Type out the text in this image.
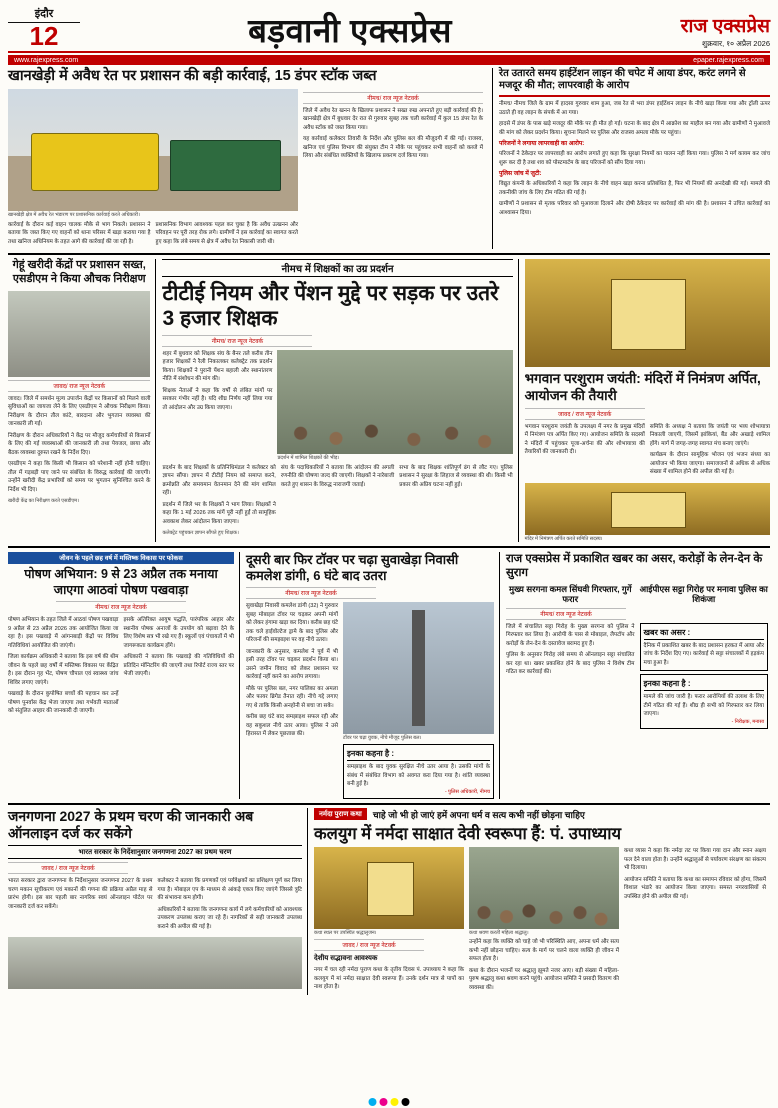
इंदौर
12	बड़वानी एक्सप्रेस	राज एक्सप्रेस
शुक्रवार, १० अप्रैल 2026
www.rajexpress.com	epaper.rajexpress.com
खानखेड़ी में अवैध रेत पर प्रशासन की बड़ी कार्रवाई, 15 डंपर स्टॉक जब्त
खानखेड़ी क्षेत्र में अवैध रेत भंडारण पर प्रशासनिक कार्रवाई करते अधिकारी।

कार्रवाई के दौरान कई वाहन चालक मौके से भाग निकले। प्रशासन ने बताया कि जब्त किए गए वाहनों को थाना परिसर में खड़ा कराया गया है तथा खनिज अधिनियम के तहत आगे की कार्रवाई की जा रही है।

प्रशासनिक विभाग आवश्यक पहल कर चुका है कि अवैध उत्खनन और परिवहन पर पूरी तरह रोक लगे। ग्रामीणों ने इस कार्रवाई का स्वागत करते हुए कहा कि लंबे समय से क्षेत्र में अवैध रेत निकासी जारी थी।

नीमच/ राज न्यूज नेटवर्क

जिले में अवैध रेत खनन के खिलाफ प्रशासन ने सख्त रुख अपनाते हुए बड़ी कार्रवाई की है। खानखेड़ी क्षेत्र में बुधवार देर रात से गुरुवार सुबह तक चली कार्रवाई में कुल 15 डंपर रेत के अवैध स्टॉक को जब्त किया गया।

यह कार्रवाई कलेक्टर तिवारी के निर्देश और पुलिस बल की मौजूदगी में की गई। राजस्व, खनिज एवं पुलिस विभाग की संयुक्त टीम ने मौके पर पहुंचकर सभी वाहनों को कब्जे में लिया और संबंधित व्यक्तियों के खिलाफ प्रकरण दर्ज किया गया।

रेत उतारते समय हाईटेंशन लाइन की चपेट में आया डंपर, करंट लगने से मजदूर की मौत; लापरवाही के आरोप

नीमच/ नीमच जिले के ग्राम में हादसा गुरुवार शाम हुआ, जब रेत से भरा डंपर हाईटेंशन लाइन के नीचे खड़ा किया गया और ट्रॉली ऊपर उठाते ही वह लाइन के संपर्क में आ गया।

हादसे में डंपर के पास खड़े मजदूर की मौके पर ही मौत हो गई। घटना के बाद क्षेत्र में आक्रोश का माहौल बन गया और ग्रामीणों ने मुआवजे की मांग को लेकर प्रदर्शन किया। सूचना मिलने पर पुलिस और राजस्व अमला मौके पर पहुंचा।

परिजनों ने लगाया लापरवाही का आरोप:

परिजनों ने ठेकेदार पर लापरवाही का आरोप लगाते हुए कहा कि सुरक्षा नियमों का पालन नहीं किया गया। पुलिस ने मर्ग कायम कर जांच शुरू कर दी है तथा शव को पोस्टमार्टम के बाद परिजनों को सौंप दिया गया।

पुलिस जांच में जुटी:

विद्युत कंपनी के अधिकारियों ने कहा कि लाइन के नीचे वाहन खड़ा करना प्रतिबंधित है, फिर भी नियमों की अनदेखी की गई। मामले की तकनीकी जांच के लिए टीम गठित की गई है।

ग्रामीणों ने प्रशासन से मृतक परिवार को मुआवजा दिलाने और दोषी ठेकेदार पर कार्रवाई की मांग की है। प्रशासन ने उचित कार्रवाई का आश्वासन दिया।

गेहूं खरीदी केंद्रों पर प्रशासन सख्त, एसडीएम ने किया औचक निरीक्षण
जावद/ राज न्यूज नेटवर्क

जावद। जिले में समर्थन मूल्य उपार्जन केंद्रों पर किसानों को मिलने वाली सुविधाओं का जायजा लेने के लिए एसडीएम ने औचक निरीक्षण किया। निरीक्षण के दौरान तौल कांटे, बारदाना और भुगतान व्यवस्था की जानकारी ली गई।

निरीक्षण के दौरान अधिकारियों ने केंद्र पर मौजूद कर्मचारियों से किसानों के लिए की गई व्यवस्थाओं की जानकारी ली तथा पेयजल, छाया और बैठक व्यवस्था दुरुस्त रखने के निर्देश दिए।

एसडीएम ने कहा कि किसी भी किसान को परेशानी नहीं होनी चाहिए। तौल में गड़बड़ी पाए जाने पर संबंधित के विरुद्ध कार्रवाई की जाएगी। उन्होंने खरीदी केंद्र प्रभारियों को समय पर भुगतान सुनिश्चित करने के निर्देश भी दिए।

खरीदी केंद्र का निरीक्षण करते एसडीएम।
नीमच में शिक्षकों का उग्र प्रदर्शन
टीटीई नियम और पेंशन मुद्दे पर सड़क पर उतरे 3 हजार शिक्षक
नीमच/ राज न्यूज नेटवर्क

शहर में बुधवार को शिक्षक संघ के बैनर तले करीब तीन हजार शिक्षकों ने रैली निकालकर कलेक्ट्रेट तक प्रदर्शन किया। शिक्षकों ने पुरानी पेंशन बहाली और स्थानांतरण नीति में संशोधन की मांग की।

शिक्षक नेताओं ने कहा कि वर्षों से लंबित मांगों पर सरकार गंभीर नहीं है। यदि शीघ्र निर्णय नहीं लिया गया तो आंदोलन और उग्र किया जाएगा।

प्रदर्शन में शामिल शिक्षकों की भीड़।

प्रदर्शन के बाद शिक्षकों के प्रतिनिधिमंडल ने कलेक्टर को ज्ञापन सौंपा। ज्ञापन में टीटीई नियम को समाप्त करने, क्रमोन्नति और समयमान वेतनमान देने की मांग शामिल रही।

प्रदर्शन में जिले भर के शिक्षकों ने भाग लिया। शिक्षकों ने कहा कि 1 मई 2026 तक मांगें पूरी नहीं हुईं तो सामूहिक अवकाश लेकर आंदोलन किया जाएगा।

संघ के पदाधिकारियों ने बताया कि आंदोलन की अगली रणनीति की घोषणा जल्द की जाएगी। शिक्षकों ने नारेबाजी करते हुए शासन के विरुद्ध नाराजगी जताई।

सभा के बाद शिक्षक शांतिपूर्ण ढंग से लौट गए। पुलिस प्रशासन ने सुरक्षा के लिहाज से व्यवस्था की थी। किसी भी प्रकार की अप्रिय घटना नहीं हुई।

कलेक्ट्रेट पहुंचकर ज्ञापन सौंपते हुए शिक्षक।
भगवान परशुराम जयंती: मंदिरों में निमंत्रण अर्पित, आयोजन की तैयारी
जावद / राज न्यूज नेटवर्क

भगवान परशुराम जयंती के उपलक्ष्य में नगर के प्रमुख मंदिरों में निमंत्रण पत्र अर्पित किए गए। आयोजन समिति के सदस्यों ने मंदिरों में पहुंचकर पूजा-अर्चना की और शोभायात्रा की तैयारियों की जानकारी दी।

समिति के अध्यक्ष ने बताया कि जयंती पर भव्य शोभायात्रा निकाली जाएगी, जिसमें झांकियां, बैंड और अखाड़े शामिल होंगे। मार्ग में जगह-जगह स्वागत मंच बनाए जाएंगे।

कार्यक्रम के दौरान सामूहिक भोजन एवं भजन संध्या का आयोजन भी किया जाएगा। समाजजनों से अधिक से अधिक संख्या में शामिल होने की अपील की गई है।

मंदिर में निमंत्रण अर्पित करते समिति सदस्य।
जीवन के पहले छह वर्ष में मस्तिष्क विकास पर फोकस
पोषण अभियान: 9 से 23 अप्रैल तक मनाया जाएगा आठवां पोषण पखवाड़ा
नीमच/ राज न्यूज नेटवर्क

पोषण अभियान के तहत जिले में आठवां पोषण पखवाड़ा 9 अप्रैल से 23 अप्रैल 2026 तक आयोजित किया जा रहा है। इस पखवाड़े में आंगनबाड़ी केंद्रों पर विविध गतिविधियां आयोजित की जाएंगी।

जिला कार्यक्रम अधिकारी ने बताया कि इस वर्ष की थीम जीवन के पहले छह वर्षों में मस्तिष्क विकास पर केंद्रित है। इस दौरान गृह भेंट, पोषण चौपाल एवं स्वास्थ्य जांच शिविर लगाए जाएंगे।

पखवाड़े के दौरान कुपोषित बच्चों की पहचान कर उन्हें पोषण पुनर्वास केंद्र भेजा जाएगा तथा गर्भवती माताओं को संतुलित आहार की जानकारी दी जाएगी।

इसके अतिरिक्त आयुष पद्धति, पारंपरिक आहार और स्थानीय पोषक अनाजों के उपयोग को बढ़ावा देने के लिए विशेष सत्र भी रखे गए हैं। स्कूलों एवं पंचायतों में भी जागरूकता कार्यक्रम होंगे।

अधिकारी ने बताया कि पखवाड़े की गतिविधियों की प्रतिदिन मॉनिटरिंग की जाएगी तथा रिपोर्ट राज्य स्तर पर भेजी जाएगी।

दूसरी बार फिर टॉवर पर चढ़ा सुवाखेड़ा निवासी कमलेश डांगी, 6 घंटे बाद उतरा
नीमच/ राज न्यूज नेटवर्क

सुवाखेड़ा निवासी कमलेश डांगी (32) ने गुरुवार सुबह मोबाइल टॉवर पर चढ़कर अपनी मांगों को लेकर हंगामा खड़ा कर दिया। करीब छह घंटे तक चले हाईवोल्टेज ड्रामे के बाद पुलिस और परिजनों की समझाइश पर वह नीचे उतरा।

जानकारी के अनुसार, कमलेश ने पूर्व में भी इसी तरह टॉवर पर चढ़कर प्रदर्शन किया था। उसने जमीन विवाद को लेकर प्रशासन पर कार्रवाई नहीं करने का आरोप लगाया।

मौके पर पुलिस बल, नगर पालिका का अमला और फायर ब्रिगेड तैनात रही। नीचे गद्दे लगाए गए थे ताकि किसी अनहोनी से बचा जा सके।

करीब छह घंटे बाद समझाइश सफल रही और वह सकुशल नीचे उतर आया। पुलिस ने उसे हिरासत में लेकर पूछताछ की।

टॉवर पर चढ़ा युवक, नीचे मौजूद पुलिस बल।
इनका कहना है :
समझाइश के बाद युवक सुरक्षित नीचे उतर आया है। उसकी मांगों के संबंध में संबंधित विभाग को अवगत करा दिया गया है। शांति व्यवस्था बनी हुई है।
- पुलिस अधिकारी, नीमच
राज एक्सप्रेस में प्रकाशित खबर का असर, करोड़ों के लेन-देन के सुराग
मुख्य सरगना कमल सिंघवी गिरफ्तार, गुर्गे फरार
आईपीएस सट्टा गिरोह पर मनावा पुलिस का शिकंजा
नीमच/ राज न्यूज नेटवर्क

जिले में संचालित सट्टा गिरोह के मुख्य सरगना को पुलिस ने गिरफ्तार कर लिया है। आरोपी के पास से मोबाइल, लैपटॉप और करोड़ों के लेन-देन के दस्तावेज बरामद हुए हैं।

पुलिस के अनुसार गिरोह लंबे समय से ऑनलाइन सट्टा संचालित कर रहा था। खबर प्रकाशित होने के बाद पुलिस ने विशेष टीम गठित कर कार्रवाई की।

खबर का असर :
दैनिक में प्रकाशित खबर के बाद प्रशासन हरकत में आया और जांच के निर्देश दिए गए। कार्रवाई से सट्टा संचालकों में हड़कंप मचा हुआ है।
इनका कहना है :
मामले की जांच जारी है। फरार आरोपियों की तलाश के लिए टीमें गठित की गई हैं। शीघ्र ही सभी को गिरफ्तार कर लिया जाएगा।
- निरीक्षक, मनासा
जनगणना 2027 के प्रथम चरण की जानकारी अब ऑनलाइन दर्ज कर सकेंगे
भारत सरकार के निर्देशानुसार जनगणना 2027 का प्रथम चरण
जावद / राज न्यूज नेटवर्क

भारत सरकार द्वारा जनगणना के निर्देशानुसार जनगणना 2027 के प्रथम चरण मकान सूचीकरण एवं मकानों की गणना की प्रक्रिया अप्रैल माह से प्रारंभ होगी। इस बार पहली बार नागरिक स्वयं ऑनलाइन पोर्टल पर जानकारी दर्ज कर सकेंगे।

कलेक्टर ने बताया कि प्रगणकों एवं पर्यवेक्षकों का प्रशिक्षण पूर्ण कर लिया गया है। मोबाइल एप के माध्यम से आंकड़े एकत्र किए जाएंगे जिससे त्रुटि की संभावना कम होगी।

अधिकारियों ने बताया कि जनगणना कार्य में लगे कर्मचारियों को आवश्यक उपकरण उपलब्ध कराए जा रहे हैं। नागरिकों से सही जानकारी उपलब्ध कराने की अपील की गई है।

नर्मदा पुराण कथा	चाहे जो भी हो जाएं हमें अपना धर्म व सत्य कभी नहीं छोड़ना चाहिए
कलयुग में नर्मदा साक्षात देवी स्वरूपा हैं: पं. उपाध्याय
कथा स्थल पर उपस्थित श्रद्धालुजन।
जावद / राज न्यूज नेटवर्क
देशीय सद्भावना आवश्यक

नगर में चल रही नर्मदा पुराण कथा के तृतीय दिवस पं. उपाध्याय ने कहा कि कलयुग में मां नर्मदा साक्षात देवी स्वरूपा हैं। उनके दर्शन मात्र से पापों का नाश होता है।

कथा श्रवण करतीं महिला श्रद्धालु।

उन्होंने कहा कि व्यक्ति को चाहे जो भी परिस्थिति आए, अपना धर्म और सत्य कभी नहीं छोड़ना चाहिए। सत्य के मार्ग पर चलने वाला व्यक्ति ही जीवन में सफल होता है।

कथा के दौरान भजनों पर श्रद्धालु झूमते नजर आए। बड़ी संख्या में महिला-पुरुष श्रद्धालु कथा श्रवण करने पहुंचे। आयोजन समिति ने प्रसादी वितरण की व्यवस्था की।

कथा व्यास ने कहा कि नर्मदा तट पर किया गया दान और स्नान अक्षय फल देने वाला होता है। उन्होंने श्रद्धालुओं से पर्यावरण संरक्षण का संकल्प भी दिलाया।

आयोजन समिति ने बताया कि कथा का समापन रविवार को होगा, जिसमें विशाल भंडारे का आयोजन किया जाएगा। समस्त नगरवासियों से उपस्थित होने की अपील की गई।
